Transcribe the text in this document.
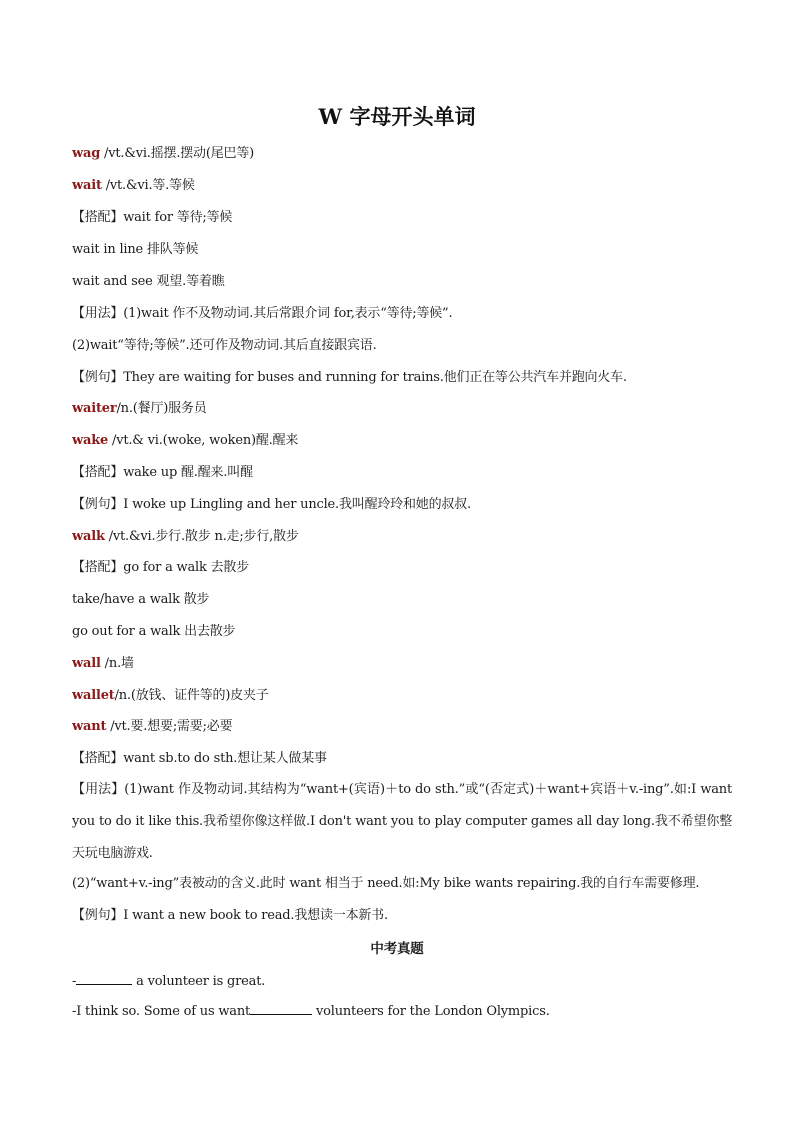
W 字母开头单词
wag /vt.&vi.摇摆.摆动(尾巴等)
wait /vt.&vi.等.等候
【搭配】wait for 等待;等候
wait in line 排队等候
wait and see 观望.等着瞧
【用法】(1)wait 作不及物动词.其后常跟介词 for,表示“等待;等候”.
(2)wait“等待;等候”.还可作及物动词.其后直接跟宾语.
【例句】They are waiting for buses and running for trains.他们正在等公共汽车并跑向火车.
waiter/n.(餐厅)服务员
wake /vt.& vi.(woke, woken)醒.醒来
【搭配】wake up 醒.醒来.叫醒
【例句】I woke up Lingling and her uncle.我叫醒玲玲和她的叔叔.
walk /vt.&vi.步行.散步 n.走;步行,散步
【搭配】go for a walk 去散步
take/have a walk 散步
go out for a walk 出去散步
wall /n.墙
wallet/n.(放钱、证件等的)皮夹子
want /vt.要.想要;需要;必要
【搭配】want sb.to do sth.想让某人做某事
【用法】(1)want 作及物动词.其结构为“want+(宾语)＋to do sth.”或“(否定式)＋want+宾语＋v.-ing”.如:I want you to do it like this.我希望你像这样做.I don't want you to play computer games all day long.我不希望你整天玩电脑游戏.
(2)“want+v.-ing”表被动的含义.此时 want 相当于 need.如:My bike wants repairing.我的自行车需要修理.
【例句】I want a new book to read.我想读一本新书.
中考真题
-	a volunteer is great.
-I think so. Some of us want	volunteers for the London Olympics.
